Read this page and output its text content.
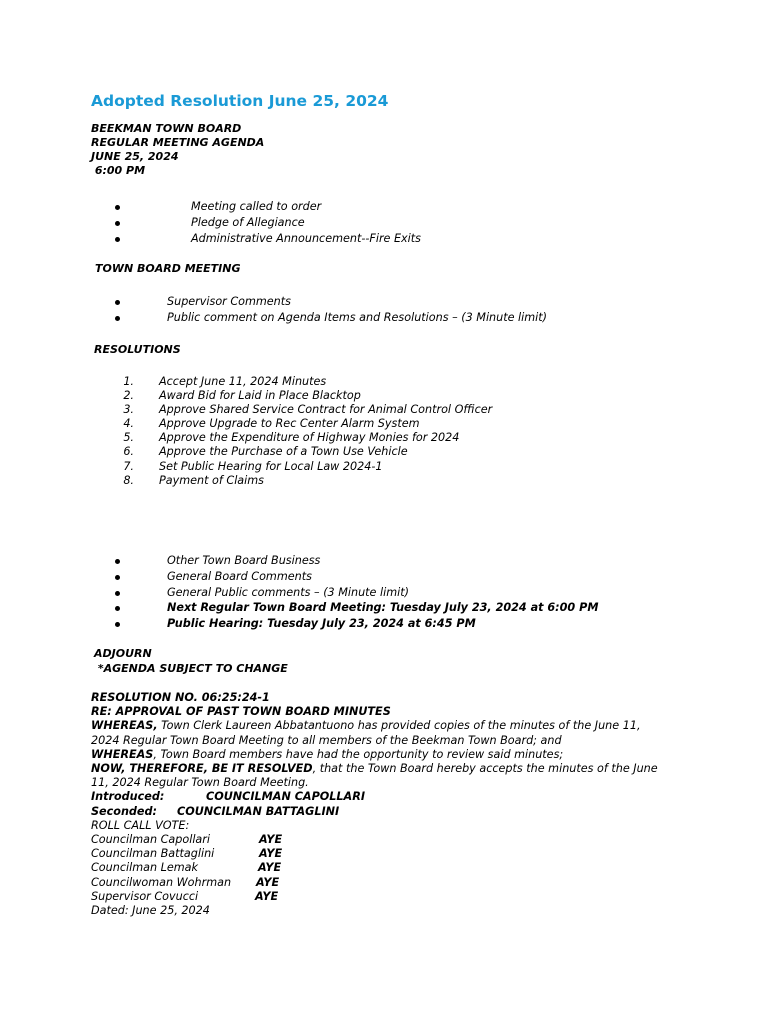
Adopted Resolution June 25, 2024
BEEKMAN TOWN BOARD
REGULAR MEETING AGENDA
JUNE 25, 2024
6:00 PM
Meeting called to order
Pledge of Allegiance
Administrative Announcement--Fire Exits
TOWN BOARD MEETING
Supervisor Comments
Public comment on Agenda Items and Resolutions – (3 Minute limit)
RESOLUTIONS
1. Accept June 11, 2024 Minutes
2. Award Bid for Laid in Place Blacktop
3. Approve Shared Service Contract for Animal Control Officer
4. Approve Upgrade to Rec Center Alarm System
5. Approve the Expenditure of Highway Monies for 2024
6. Approve the Purchase of a Town Use Vehicle
7. Set Public Hearing for Local Law 2024-1
8. Payment of Claims
Other Town Board Business
General Board Comments
General Public comments – (3 Minute limit)
Next Regular Town Board Meeting: Tuesday July 23, 2024 at 6:00 PM
Public Hearing: Tuesday July 23, 2024 at 6:45 PM
ADJOURN
*AGENDA SUBJECT TO CHANGE
RESOLUTION NO. 06:25:24-1
RE: APPROVAL OF PAST TOWN BOARD MINUTES
WHEREAS, Town Clerk Laureen Abbatantuono has provided copies of the minutes of the June 11,
2024 Regular Town Board Meeting to all members of the Beekman Town Board; and
WHEREAS, Town Board members have had the opportunity to review said minutes;
NOW, THEREFORE, BE IT RESOLVED, that the Town Board hereby accepts the minutes of the June
11, 2024 Regular Town Board Meeting.
Introduced:	COUNCILMAN CAPOLLARI
Seconded: COUNCILMAN BATTAGLINI
ROLL CALL VOTE:
Councilman Capollari	AYE
Councilman Battaglini	AYE
Councilman Lemak	AYE
Councilwoman Wohrman AYE
Supervisor Covucci	AYE
Dated: June 25, 2024
